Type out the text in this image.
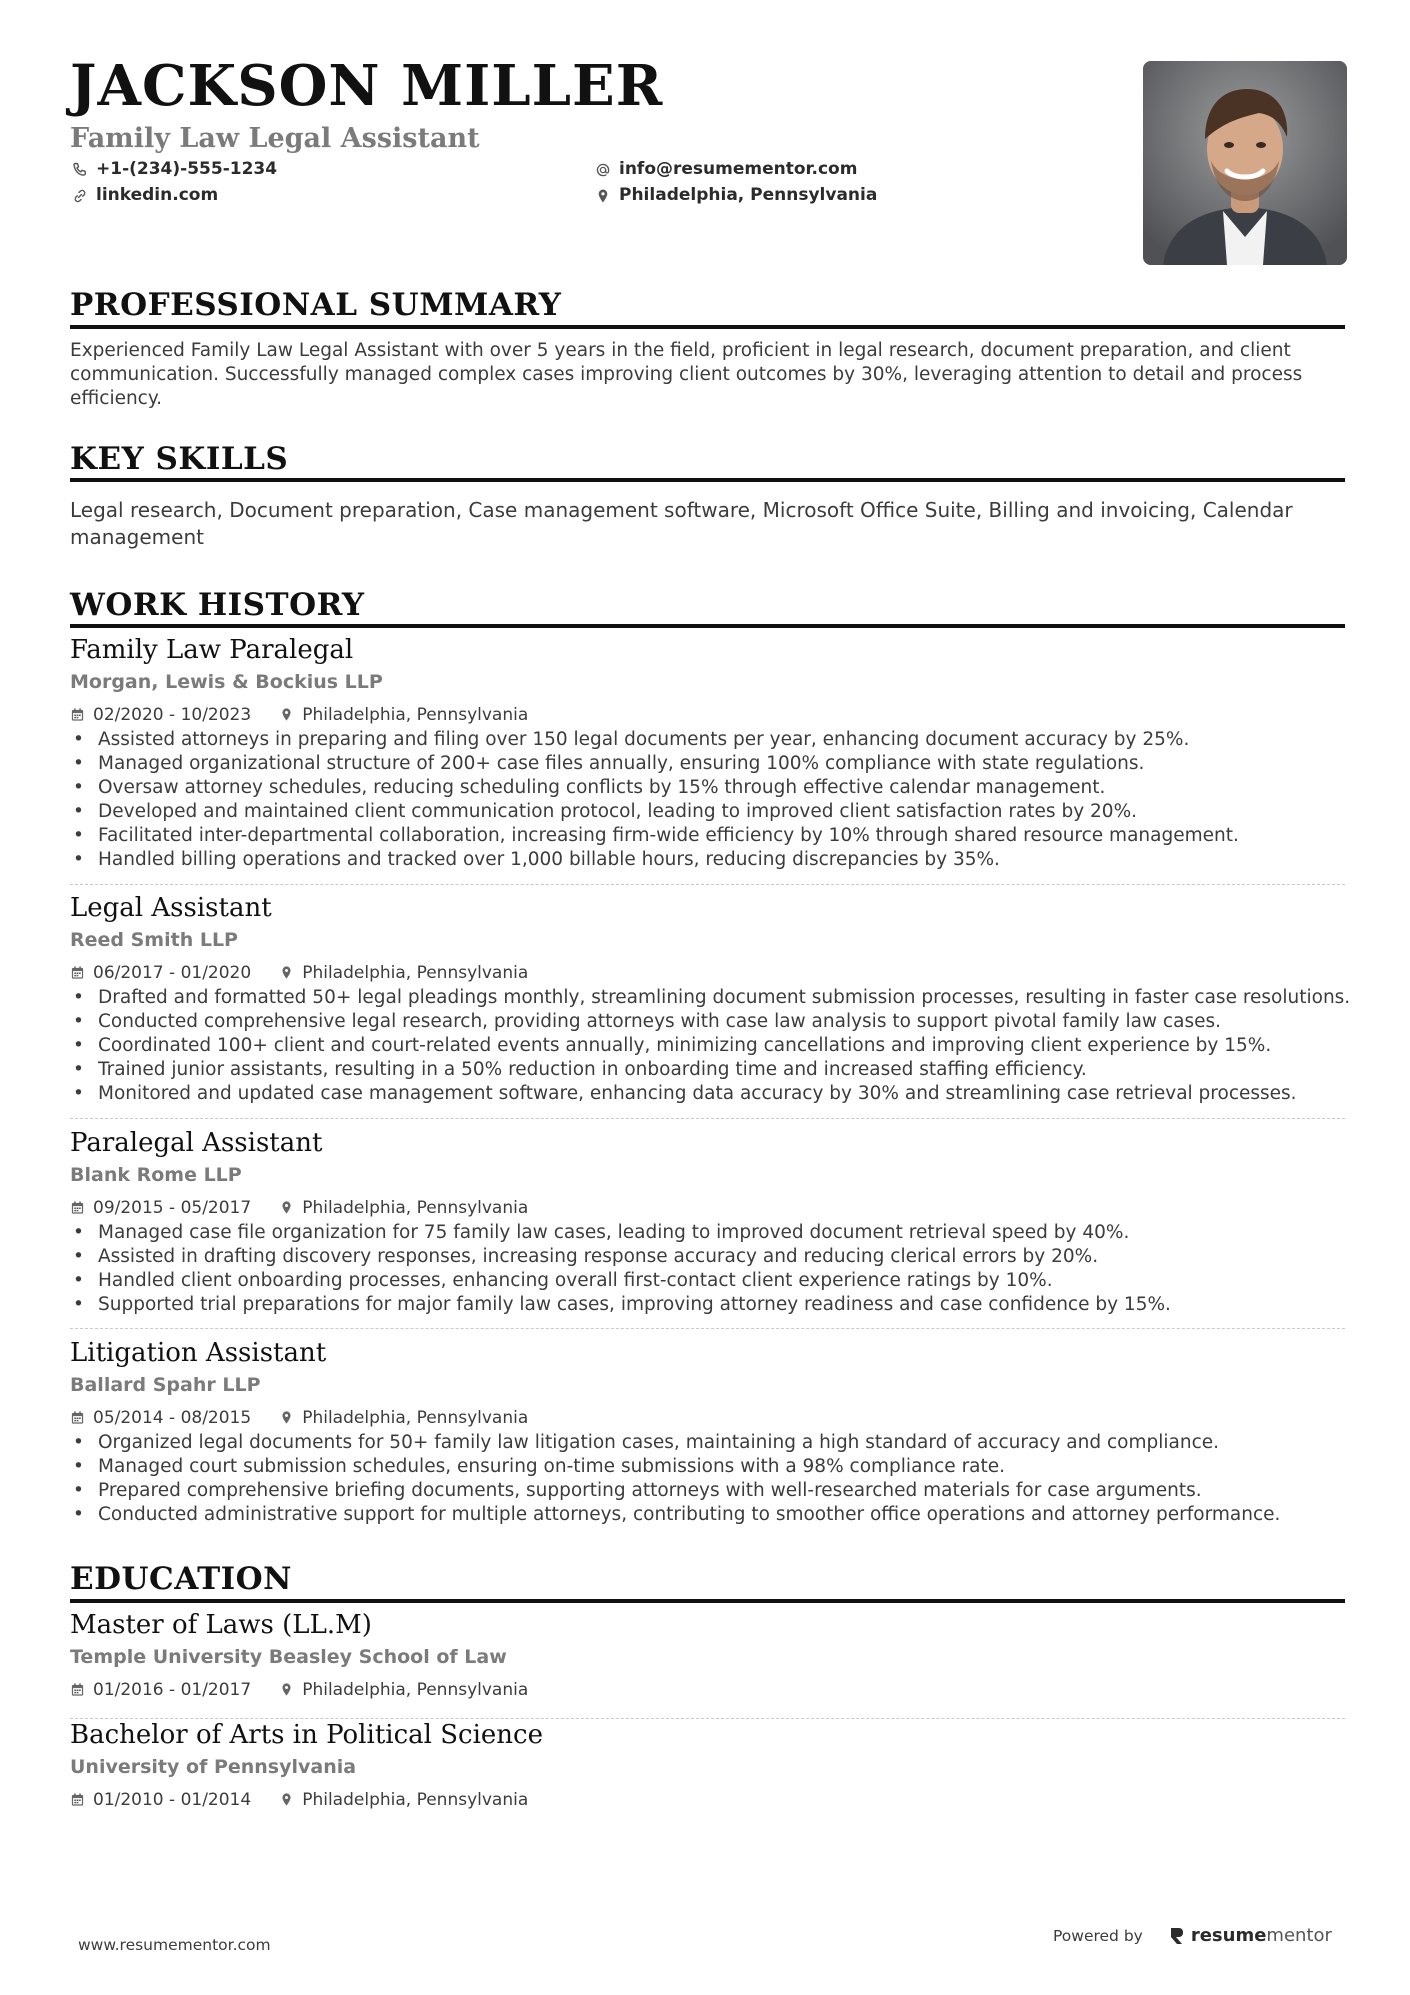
JACKSON MILLER
Family Law Legal Assistant
+1-(234)-555-1234
linkedin.com
info@resumementor.com
Philadelphia, Pennsylvania
PROFESSIONAL SUMMARY
Experienced Family Law Legal Assistant with over 5 years in the field, proficient in legal research, document preparation, and client
communication. Successfully managed complex cases improving client outcomes by 30%, leveraging attention to detail and process
efficiency.
KEY SKILLS
Legal research, Document preparation, Case management software, Microsoft Office Suite, Billing and invoicing, Calendar
management
WORK HISTORY
Family Law Paralegal
Morgan, Lewis & Bockius LLP
02/2020 - 10/2023	Philadelphia, Pennsylvania
• Assisted attorneys in preparing and filing over 150 legal documents per year, enhancing document accuracy by 25%.
• Managed organizational structure of 200+ case files annually, ensuring 100% compliance with state regulations.
• Oversaw attorney schedules, reducing scheduling conflicts by 15% through effective calendar management.
• Developed and maintained client communication protocol, leading to improved client satisfaction rates by 20%.
• Facilitated inter-departmental collaboration, increasing firm-wide efficiency by 10% through shared resource management.
• Handled billing operations and tracked over 1,000 billable hours, reducing discrepancies by 35%.
Legal Assistant
Reed Smith LLP
06/2017 - 01/2020	Philadelphia, Pennsylvania
• Drafted and formatted 50+ legal pleadings monthly, streamlining document submission processes, resulting in faster case resolutions.
• Conducted comprehensive legal research, providing attorneys with case law analysis to support pivotal family law cases.
• Coordinated 100+ client and court-related events annually, minimizing cancellations and improving client experience by 15%.
• Trained junior assistants, resulting in a 50% reduction in onboarding time and increased staffing efficiency.
• Monitored and updated case management software, enhancing data accuracy by 30% and streamlining case retrieval processes.
Paralegal Assistant
Blank Rome LLP
09/2015 - 05/2017	Philadelphia, Pennsylvania
• Managed case file organization for 75 family law cases, leading to improved document retrieval speed by 40%.
• Assisted in drafting discovery responses, increasing response accuracy and reducing clerical errors by 20%.
• Handled client onboarding processes, enhancing overall first-contact client experience ratings by 10%.
• Supported trial preparations for major family law cases, improving attorney readiness and case confidence by 15%.
Litigation Assistant
Ballard Spahr LLP
05/2014 - 08/2015	Philadelphia, Pennsylvania
• Organized legal documents for 50+ family law litigation cases, maintaining a high standard of accuracy and compliance.
• Managed court submission schedules, ensuring on-time submissions with a 98% compliance rate.
• Prepared comprehensive briefing documents, supporting attorneys with well-researched materials for case arguments.
• Conducted administrative support for multiple attorneys, contributing to smoother office operations and attorney performance.
EDUCATION
Master of Laws (LL.M)
Temple University Beasley School of Law
01/2016 - 01/2017	Philadelphia, Pennsylvania
Bachelor of Arts in Political Science
University of Pennsylvania
01/2010 - 01/2014	Philadelphia, Pennsylvania
www.resumementor.com
Powered by	resumementor
